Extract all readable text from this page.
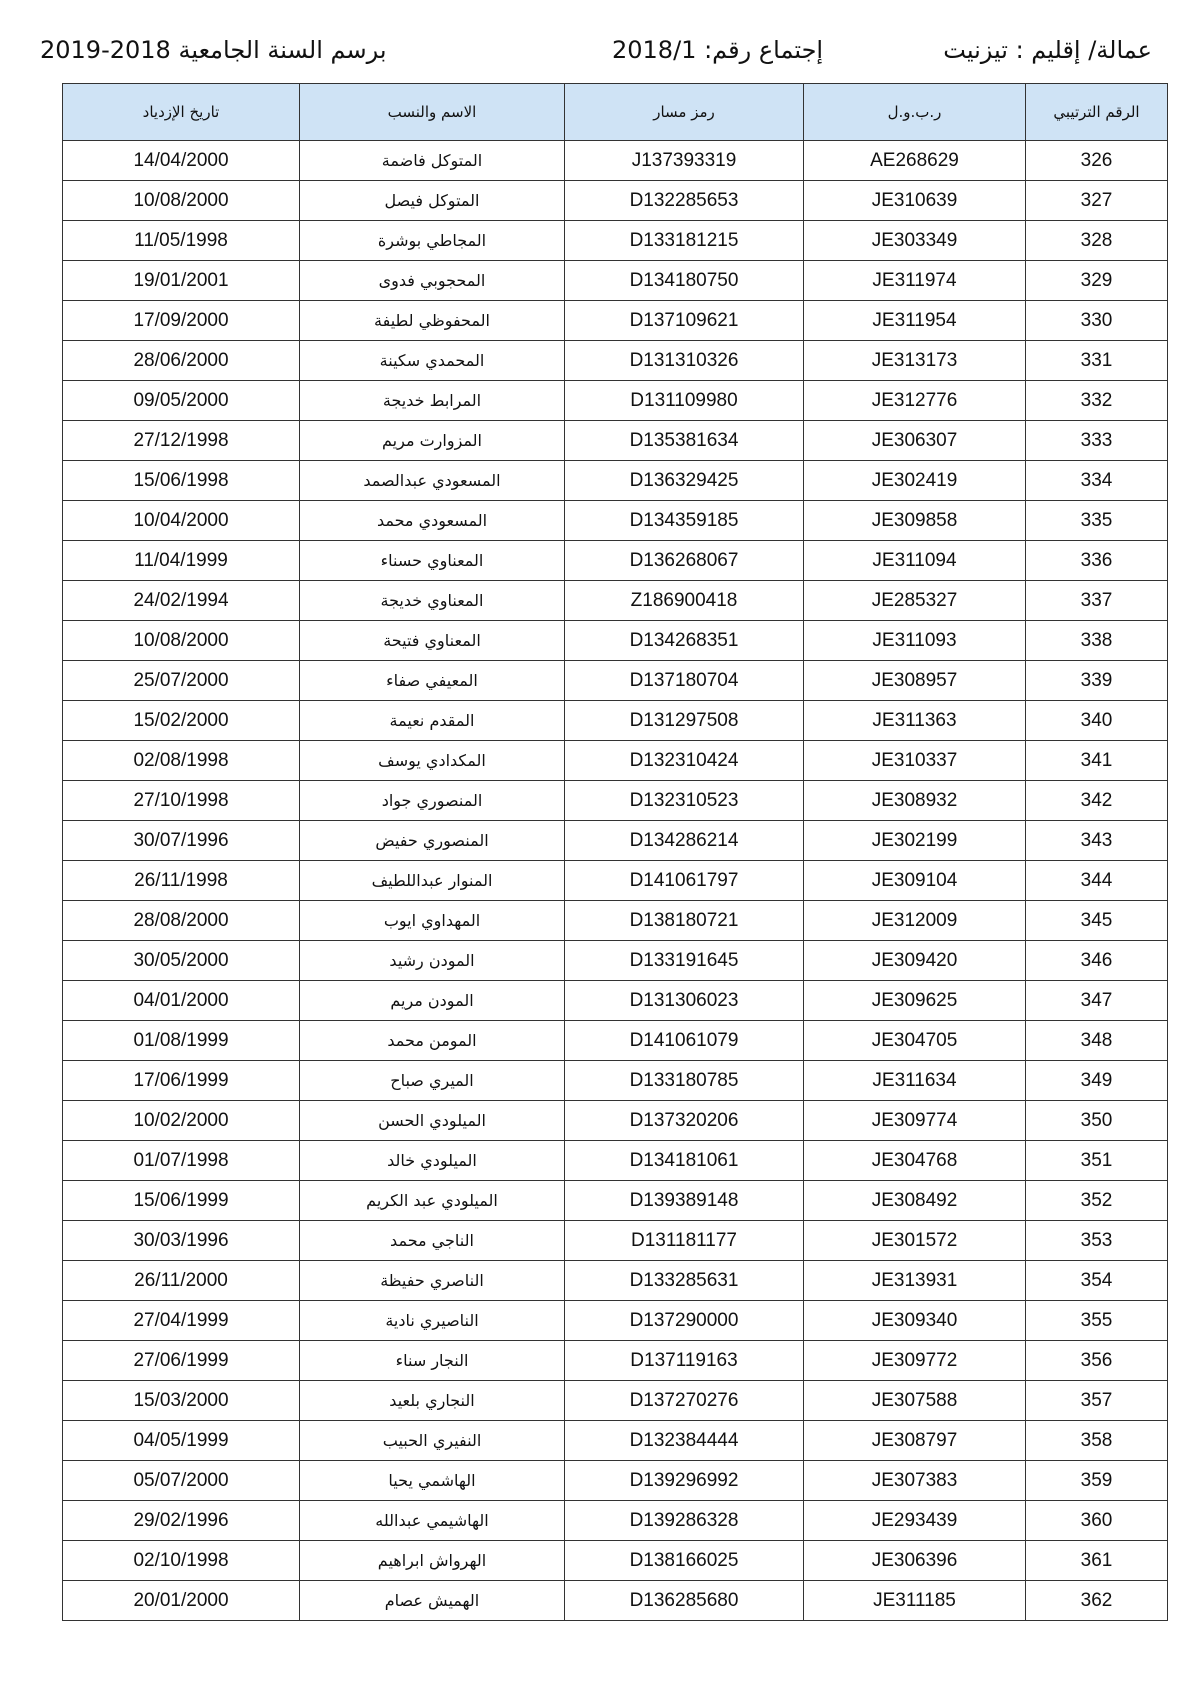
عمالة/ إقليم : تيزنيت
إجتماع رقم: 2018/1
برسم السنة الجامعية 2018-2019
تاريخ الإزدياد	الاسم والنسب	رمز مسار	ر.ب.و.ل	الرقم الترتيبي
14/04/2000	المتوكل فاضمة	J137393319	AE268629	326
10/08/2000	المتوكل فيصل	D132285653	JE310639	327
11/05/1998	المجاطي بوشرة	D133181215	JE303349	328
19/01/2001	المحجوبي فدوى	D134180750	JE311974	329
17/09/2000	المحفوظي لطيفة	D137109621	JE311954	330
28/06/2000	المحمدي سكينة	D131310326	JE313173	331
09/05/2000	المرابط خديجة	D131109980	JE312776	332
27/12/1998	المزوارت مريم	D135381634	JE306307	333
15/06/1998	المسعودي عبدالصمد	D136329425	JE302419	334
10/04/2000	المسعودي محمد	D134359185	JE309858	335
11/04/1999	المعناوي حسناء	D136268067	JE311094	336
24/02/1994	المعناوي خديجة	Z186900418	JE285327	337
10/08/2000	المعناوي فتيحة	D134268351	JE311093	338
25/07/2000	المعيفي صفاء	D137180704	JE308957	339
15/02/2000	المقدم نعيمة	D131297508	JE311363	340
02/08/1998	المكدادي يوسف	D132310424	JE310337	341
27/10/1998	المنصوري جواد	D132310523	JE308932	342
30/07/1996	المنصوري حفيض	D134286214	JE302199	343
26/11/1998	المنوار عبداللطيف	D141061797	JE309104	344
28/08/2000	المهداوي ايوب	D138180721	JE312009	345
30/05/2000	المودن رشيد	D133191645	JE309420	346
04/01/2000	المودن مريم	D131306023	JE309625	347
01/08/1999	المومن محمد	D141061079	JE304705	348
17/06/1999	الميري صباح	D133180785	JE311634	349
10/02/2000	الميلودي الحسن	D137320206	JE309774	350
01/07/1998	الميلودي خالد	D134181061	JE304768	351
15/06/1999	الميلودي عبد الكريم	D139389148	JE308492	352
30/03/1996	الناجي محمد	D131181177	JE301572	353
26/11/2000	الناصري حفيظة	D133285631	JE313931	354
27/04/1999	الناصيري نادية	D137290000	JE309340	355
27/06/1999	النجار سناء	D137119163	JE309772	356
15/03/2000	النجاري بلعيد	D137270276	JE307588	357
04/05/1999	النفيري الحبيب	D132384444	JE308797	358
05/07/2000	الهاشمي يحيا	D139296992	JE307383	359
29/02/1996	الهاشيمي عبدالله	D139286328	JE293439	360
02/10/1998	الهرواش ابراهيم	D138166025	JE306396	361
20/01/2000	الهميش عصام	D136285680	JE311185	362
